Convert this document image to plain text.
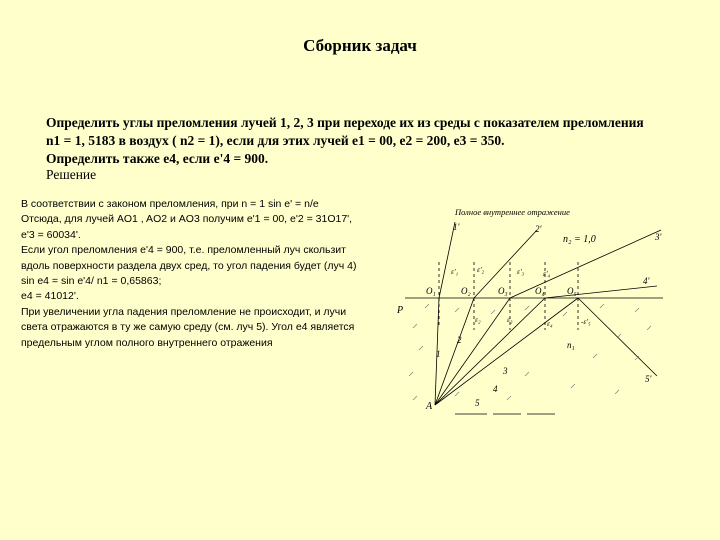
Сборник задач
Определить углы преломления лучей 1, 2, 3 при переходе их из среды с показателем преломления
n1 = 1, 5183 в воздух ( n2 = 1), если для этих лучей e1 = 00, e2 = 200, e3 = 350.
Определить также e4, если e'4 = 900.
Решение
В соответствии с законом преломления, при n = 1 sin e' = n/e
Отсюда, для лучей AO1 , AO2 и AO3 получим e'1 = 00, e'2 = 31O17',
e'3 = 60034'.
Если угол преломления e'4 = 900, т.е. преломленный луч скользит
вдоль поверхности раздела двух сред, то угол падения будет (луч 4)
sin e4 = sin e'4/ n1 = 0,65863;
e4 = 41012'.
При увеличении угла падения преломление не происходит, и лучи
света отражаются в ту же самую среду (см. луч 5). Угол e4 является
предельным углом полного внутреннего отражения
Полное внутреннее отражение
1'	2'
n₂ = 1,0	3'
4'
5'
O₁	O₂	O₃	O₄ O₅
P
n₁
A
1
2
3
4
5
ε'₂	ε'₃	ε'₄
ε'₁
ε₂	ε₃	ε₄	-ε'₅
